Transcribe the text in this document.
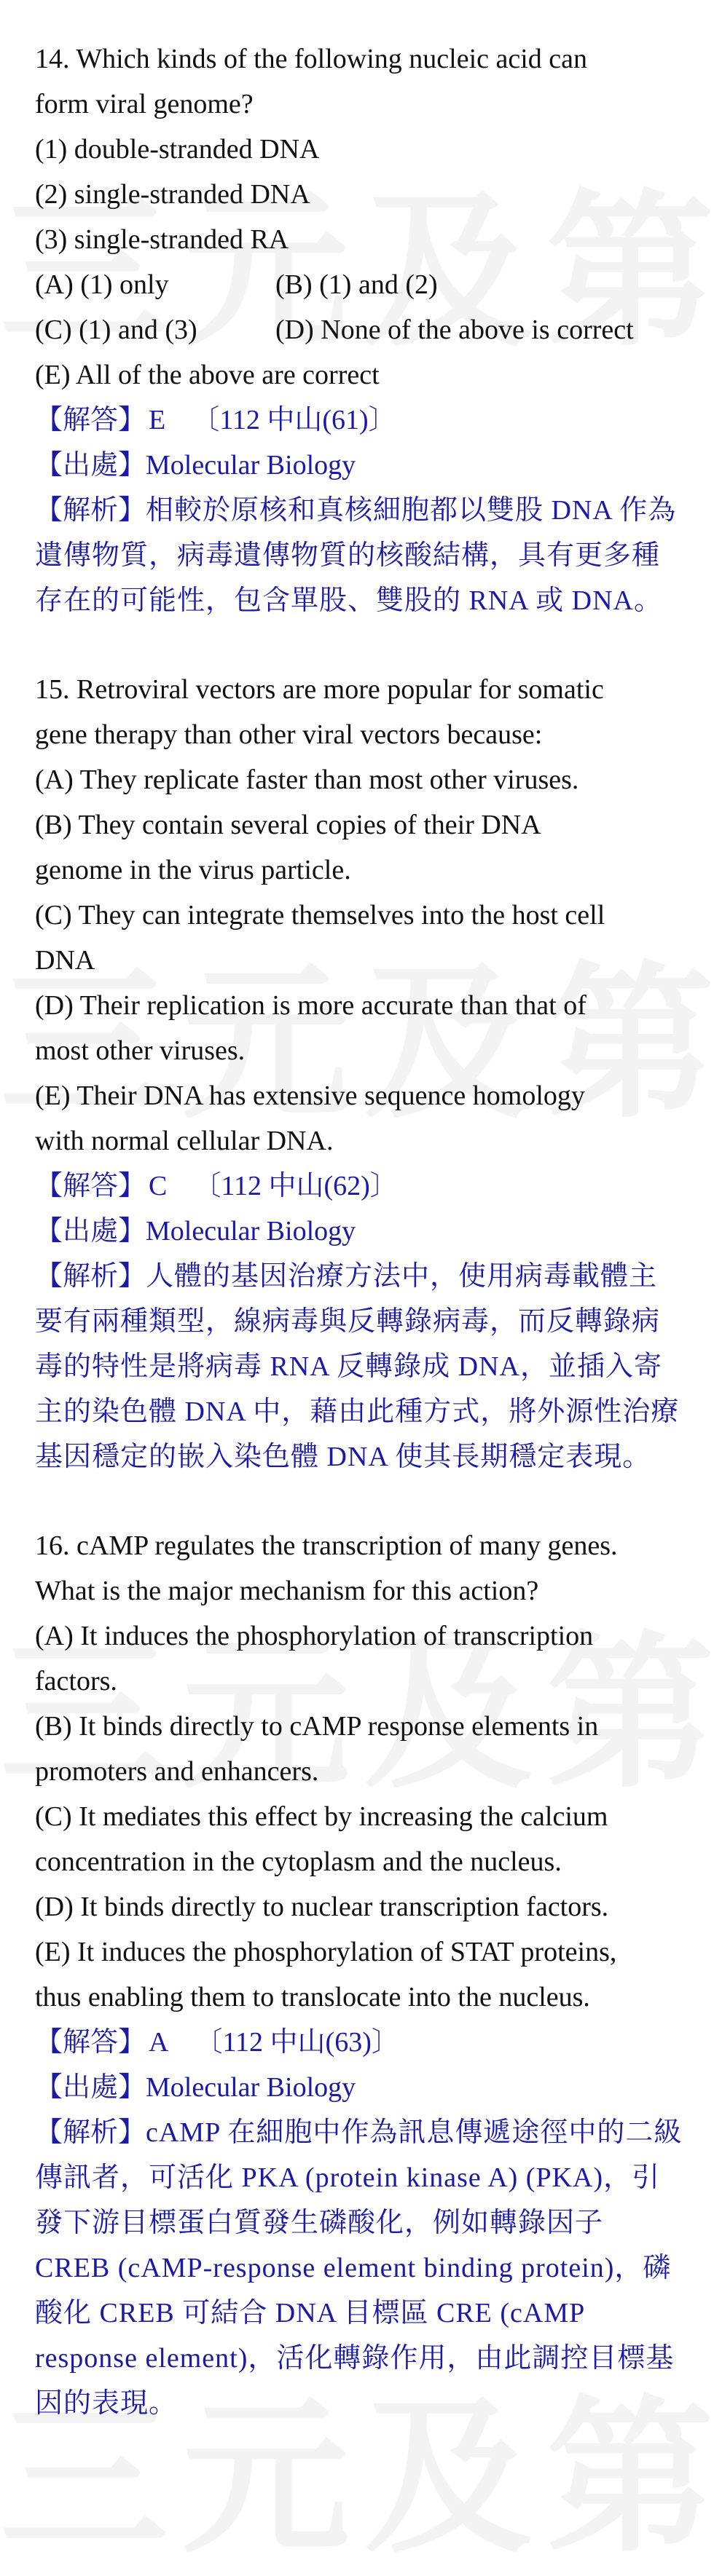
14. Which kinds of the following nucleic acid can
form viral genome?
(1) double-stranded DNA
(2) single-stranded DNA
(3) single-stranded RA
(A) (1) only	(B) (1) and (2)
(C) (1) and (3)	(D) None of the above is correct
(E) All of the above are correct
【解答】 E 〔112 中山(61)〕
【出處】Molecular Biology

【解析】相較於原核和真核細胞都以雙股 DNA 作為遺傳物質，病毒遺傳物質的核酸結構，具有更多種存在的可能性，包含單股、雙股的 RNA 或 DNA。

15. Retroviral vectors are more popular for somatic
gene therapy than other viral vectors because:
(A) They replicate faster than most other viruses.
(B) They contain several copies of their DNA
genome in the virus particle.
(C) They can integrate themselves into the host cell
DNA
(D) Their replication is more accurate than that of
most other viruses.
(E) Their DNA has extensive sequence homology
with normal cellular DNA.
【解答】 C 〔112 中山(62)〕
【出處】Molecular Biology

【解析】人體的基因治療方法中，使用病毒載體主要有兩種類型，線病毒與反轉錄病毒，而反轉錄病毒的特性是將病毒 RNA 反轉錄成 DNA，並插入寄主的染色體 DNA 中，藉由此種方式，將外源性治療基因穩定的嵌入染色體 DNA 使其長期穩定表現。

16. cAMP regulates the transcription of many genes.
What is the major mechanism for this action?
(A) It induces the phosphorylation of transcription
factors.
(B) It binds directly to cAMP response elements in
promoters and enhancers.
(C) It mediates this effect by increasing the calcium
concentration in the cytoplasm and the nucleus.
(D) It binds directly to nuclear transcription factors.
(E) It induces the phosphorylation of STAT proteins,
thus enabling them to translocate into the nucleus.
【解答】 A 〔112 中山(63)〕
【出處】Molecular Biology

【解析】cAMP 在細胞中作為訊息傳遞途徑中的二級傳訊者，可活化 PKA (protein kinase A) (PKA)，引發下游目標蛋白質發生磷酸化，例如轉錄因子 CREB (cAMP-response element binding protein)，磷酸化 CREB 可結合 DNA 目標區 CRE (cAMP response element)，活化轉錄作用，由此調控目標基因的表現。
